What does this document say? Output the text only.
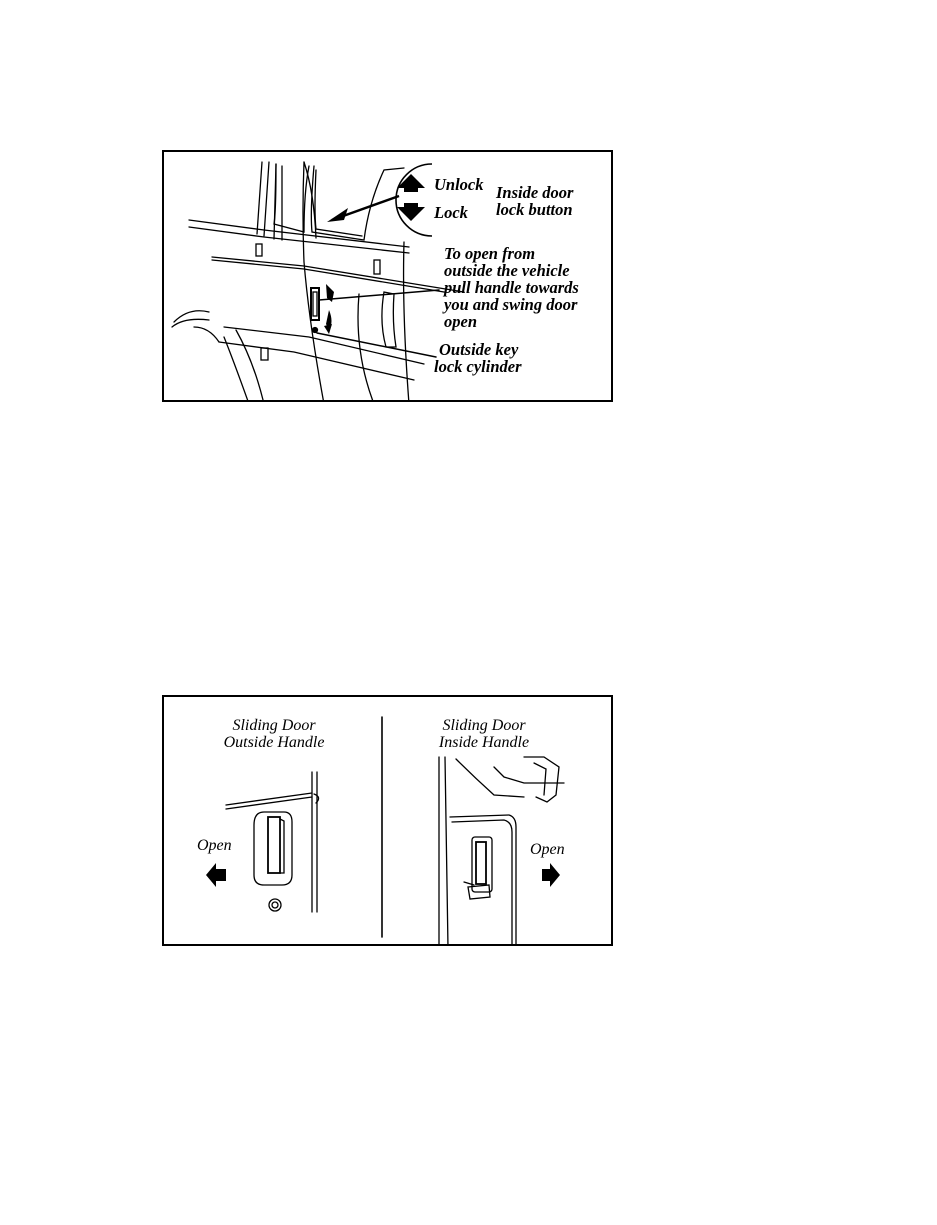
Unlock
Lock
Inside door
lock button
To open from
outside the vehicle
pull handle towards
you and swing door
open
Outside key
lock cylinder
Sliding Door
Outside Handle
Sliding Door
Inside Handle
Open	Open
